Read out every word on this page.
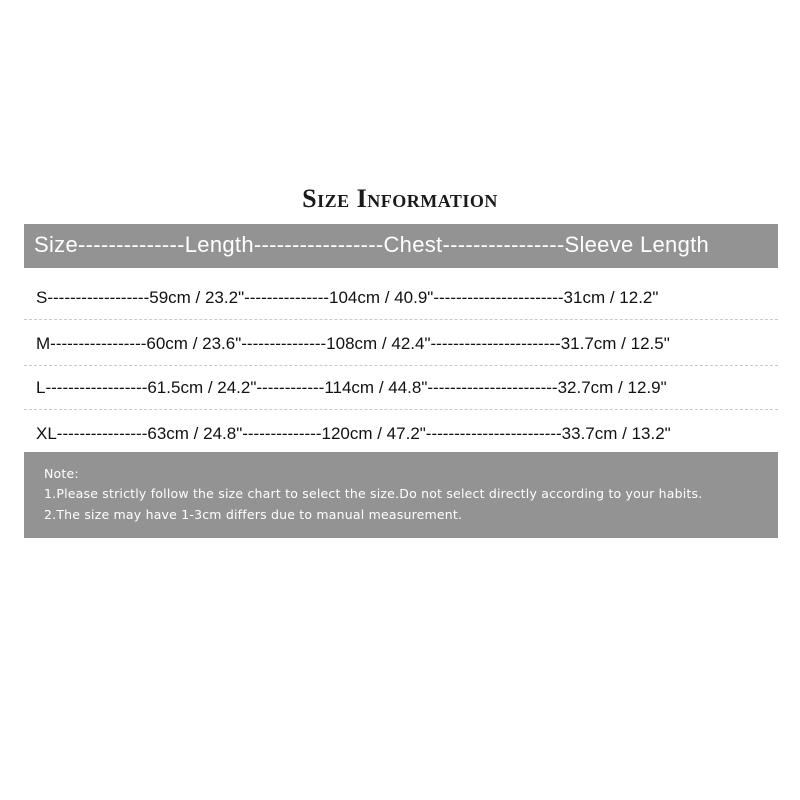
Size Information
Size--------------Length-----------------Chest----------------Sleeve Length
S------------------59cm / 23.2"---------------104cm / 40.9"-----------------------31cm / 12.2"
M-----------------60cm / 23.6"---------------108cm / 42.4"-----------------------31.7cm / 12.5"
L------------------61.5cm / 24.2"------------114cm / 44.8"-----------------------32.7cm / 12.9"
XL----------------63cm / 24.8"--------------120cm / 47.2"------------------------33.7cm / 13.2"
Note:
1.Please strictly follow the size chart to select the size.Do not select directly according to your habits.
2.The size may have 1-3cm differs due to manual measurement.
